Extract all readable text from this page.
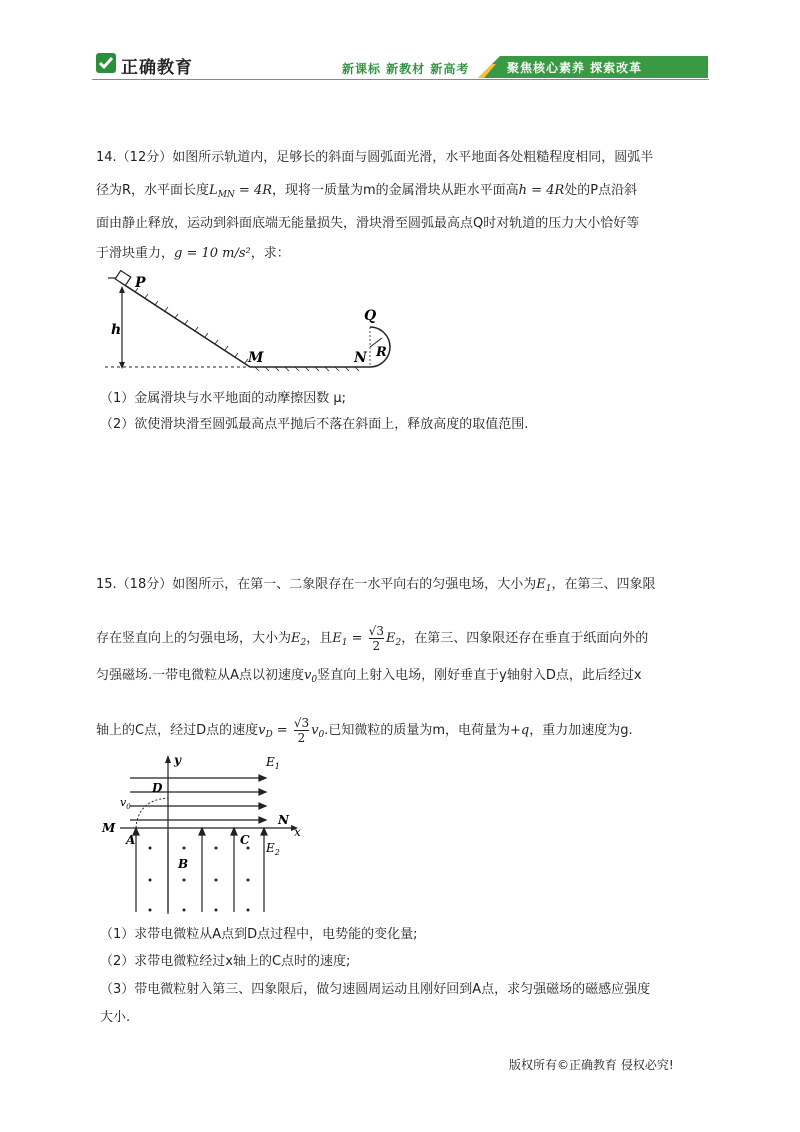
正确教育	新课标 新教材 新高考	聚焦核心素养 探索改革
14.（12分）如图所示轨道内，足够长的斜面与圆弧面光滑，水平地面各处粗糙程度相同，圆弧半
径为R，水平面长度$L_{MN} = 4R$，现将一质量为m的金属滑块从距水平面高h = 4R处的P点沿斜
面由静止释放，运动到斜面底端无能量损失，滑块滑至圆弧最高点Q时对轨道的压力大小恰好等
于滑块重力，g = 10 m/s²，求：
P
h
M	N
Q
R
（1）金属滑块与水平地面的动摩擦因数 μ;
（2）欲使滑块滑至圆弧最高点平抛后不落在斜面上，释放高度的取值范围.
15.（18分）如图所示，在第一、二象限存在一水平向右的匀强电场，大小为$E_1$，在第三、四象限
存在竖直向上的匀强电场，大小为$E_2$，且$E_1 = \frac{√3}{2} E_2$，在第三、四象限还存在垂直于纸面向外的
匀强磁场.一带电微粒从A点以初速度$v_0$竖直向上射入电场，刚好垂直于y轴射入D点，此后经过x
轴上的C点，经过D点的速度$v_D = \frac{√3}{2} v_0$.已知微粒的质量为m，电荷量为+q，重力加速度为g.
y	$E_1$
D
$v_0$
M
A
B
C
N
x
$E_2$
（1）求带电微粒从A点到D点过程中，电势能的变化量;
（2）求带电微粒经过x轴上的C点时的速度;
（3）带电微粒射入第三、四象限后，做匀速圆周运动且刚好回到A点，求匀强磁场的磁感应强度
大小.
版权所有©正确教育 侵权必究!
